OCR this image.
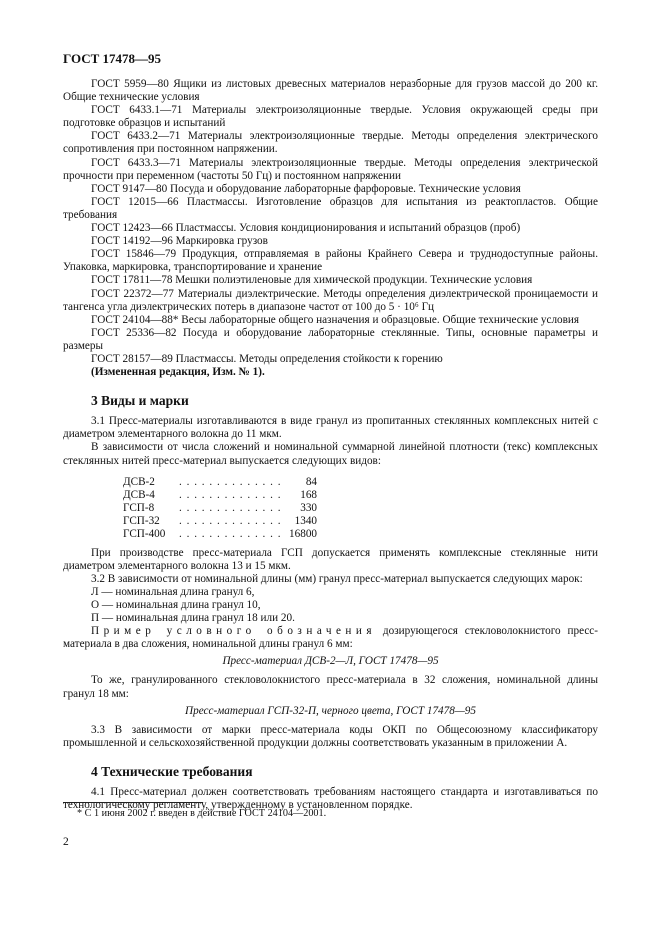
ГОСТ 17478—95

ГОСТ 5959—80 Ящики из листовых древесных материалов неразборные для грузов массой до 200 кг. Общие технические условия

ГОСТ 6433.1—71 Материалы электроизоляционные твердые. Условия окружающей среды при подготовке образцов и испытаний

ГОСТ 6433.2—71 Материалы электроизоляционные твердые. Методы определения электрического сопротивления при постоянном напряжении.

ГОСТ 6433.3—71 Материалы электроизоляционные твердые. Методы определения электрической прочности при переменном (частоты 50 Гц) и постоянном напряжении

ГОСТ 9147—80 Посуда и оборудование лабораторные фарфоровые. Технические условия

ГОСТ 12015—66 Пластмассы. Изготовление образцов для испытания из реактопластов. Общие требования

ГОСТ 12423—66 Пластмассы. Условия кондиционирования и испытаний образцов (проб)

ГОСТ 14192—96 Маркировка грузов

ГОСТ 15846—79 Продукция, отправляемая в районы Крайнего Севера и труднодоступные районы. Упаковка, маркировка, транспортирование и хранение

ГОСТ 17811—78 Мешки полиэтиленовые для химической продукции. Технические условия

ГОСТ 22372—77 Материалы диэлектрические. Методы определения диэлектрической проницаемости и тангенса угла диэлектрических потерь в диапазоне частот от 100 до 5 · 10⁶ Гц

ГОСТ 24104—88* Весы лабораторные общего назначения и образцовые. Общие технические условия

ГОСТ 25336—82 Посуда и оборудование лабораторные стеклянные. Типы, основные параметры и размеры

ГОСТ 28157—89 Пластмассы. Методы определения стойкости к горению

(Измененная редакция, Изм. № 1).

3 Виды и марки

3.1 Пресс-материалы изготавливаются в виде гранул из пропитанных стеклянных комплексных нитей с диаметром элементарного волокна до 11 мкм.

В зависимости от числа сложений и номинальной суммарной линейной плотности (текс) комплексных стеклянных нитей пресс-материал выпускается следующих видов:

ДСВ-2	. . . . . . . . . . . . . .	84
ДСВ-4	. . . . . . . . . . . . . .	168
ГСП-8	. . . . . . . . . . . . . .	330
ГСП-32	. . . . . . . . . . . . . .	1340
ГСП-400	. . . . . . . . . . . . . .	16800

При производстве пресс-материала ГСП допускается применять комплексные стеклянные нити диаметром элементарного волокна 13 и 15 мкм.

3.2 В зависимости от номинальной длины (мм) гранул пресс-материал выпускается следующих марок:

Л — номинальная длина гранул 6,

О — номинальная длина гранул 10,

П — номинальная длина гранул 18 или 20.

Пример условного обозначения дозирующегося стекловолокнистого пресс-материала в два сложения, номинальной длины гранул 6 мм:

Пресс-материал ДСВ-2—Л, ГОСТ 17478—95

То же, гранулированного стекловолокнистого пресс-материала в 32 сложения, номинальной длины гранул 18 мм:

Пресс-материал ГСП-32-П, черного цвета, ГОСТ 17478—95

3.3 В зависимости от марки пресс-материала коды ОКП по Общесоюзному классификатору промышленной и сельскохозяйственной продукции должны соответствовать указанным в приложении А.

4 Технические требования

4.1 Пресс-материал должен соответствовать требованиям настоящего стандарта и изготавливаться по технологическому регламенту, утвержденному в установленном порядке.

* С 1 июня 2002 г. введен в действие ГОСТ 24104—2001.
2
